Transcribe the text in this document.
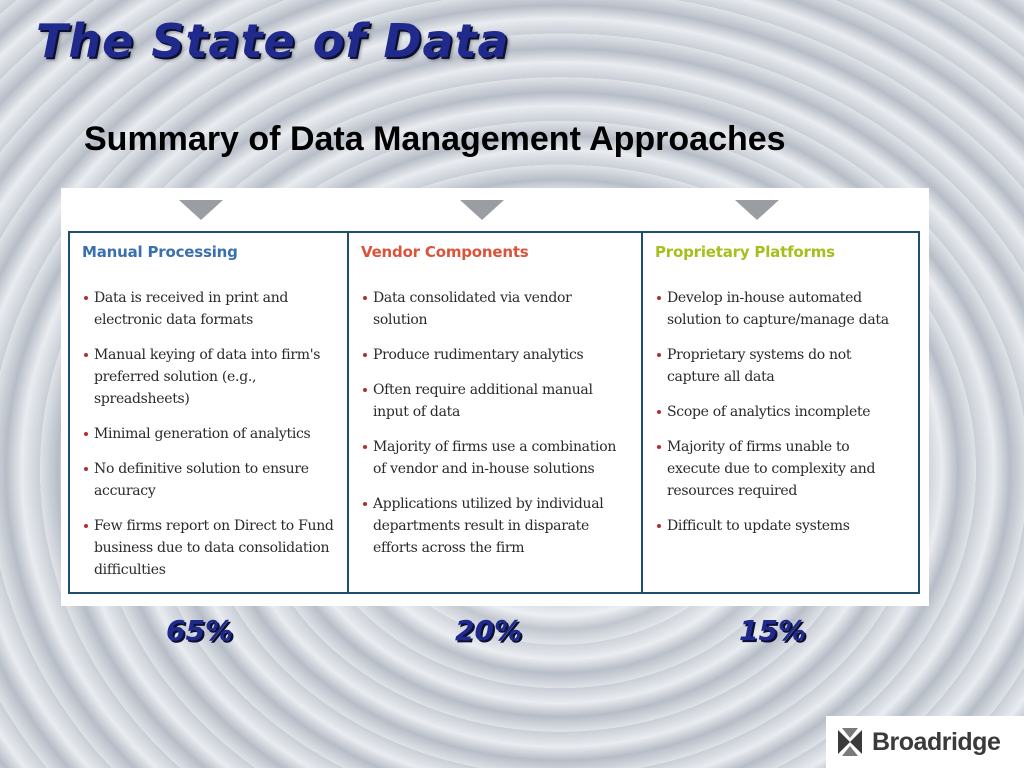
The State of Data
Summary of Data Management Approaches
Manual Processing
Data is received in print and electronic data formats
Manual keying of data into firm's preferred solution (e.g., spreadsheets)
Minimal generation of analytics
No definitive solution to ensure accuracy
Few firms report on Direct to Fund business due to data consolidation difficulties
Vendor Components
Data consolidated via vendor solution
Produce rudimentary analytics
Often require additional manual input of data
Majority of firms use a combination of vendor and in-house solutions
Applications utilized by individual departments result in disparate efforts across the firm
Proprietary Platforms
Develop in-house automated solution to capture/manage data
Proprietary systems do not capture all data
Scope of analytics incomplete
Majority of firms unable to execute due to complexity and resources required
Difficult to update systems
65%	20%	15%
Broadridge
